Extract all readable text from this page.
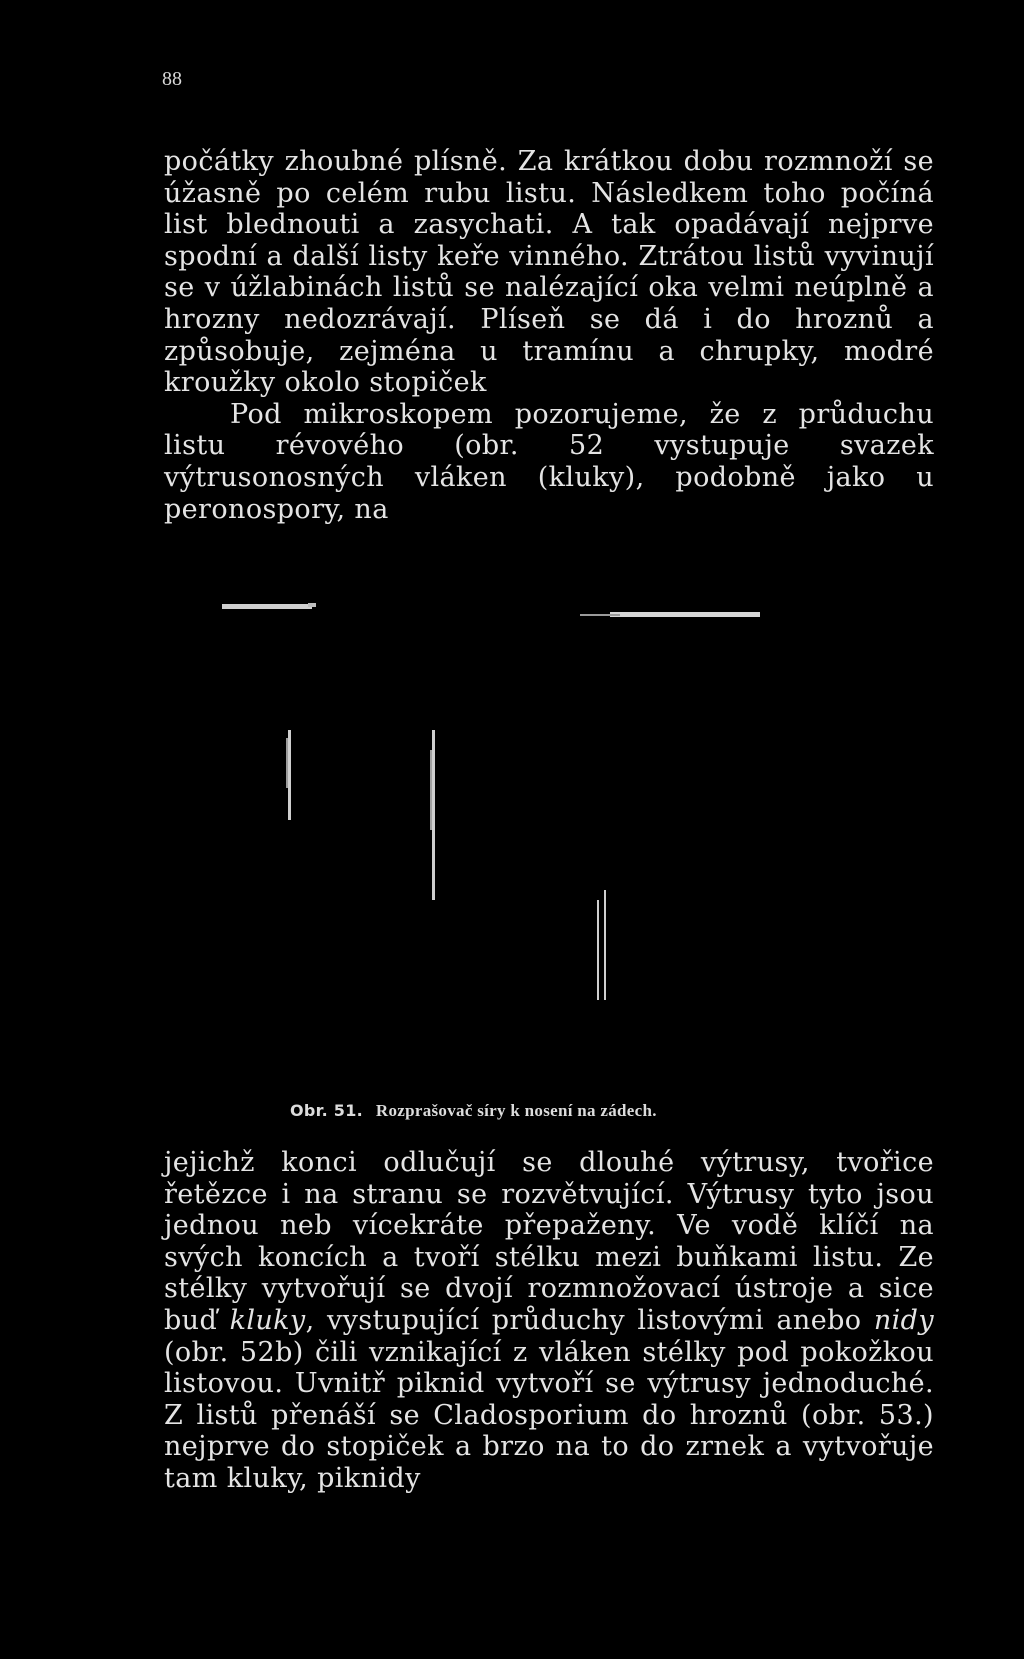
88

počátky zhoubné plísně. Za krátkou dobu rozmnoží se úžasně po celém rubu listu. Následkem toho počíná list blednouti a zasychati. A tak opadávají nejprve spodní a další listy keře vinného. Ztrátou listů vyvinují se v úžlabinách listů se nalézající oka velmi neúplně a hrozny nedozrávají. Plíseň se dá i do hroznů a způsobuje, zejména u tramínu a chrupky, modré kroužky okolo stopiček

Pod mikroskopem pozorujeme, že z průduchu listu révového (obr. 52 vystupuje svazek výtrusonosných vláken (kluky), podobně jako u peronospory, na

Obr. 51. Rozprašovač síry k nosení na zádech.

jejichž konci odlučují se dlouhé výtrusy, tvořice řetězce i na stranu se rozvětvující. Výtrusy tyto jsou jednou neb vícekráte přepaženy. Ve vodě klíčí na svých koncích a tvoří stélku mezi buňkami listu. Ze stélky vytvořují se dvojí rozmnožovací ústroje a sice buď kluky, vystupující průduchy listovými anebo nidy (obr. 52b) čili vznikající z vláken stélky pod pokožkou listovou. Uvnitř piknid vytvoří se výtrusy jednoduché. Z listů přenáší se Cladosporium do hroznů (obr. 53.) nejprve do stopiček a brzo na to do zrnek a vytvořuje tam kluky, piknidy
